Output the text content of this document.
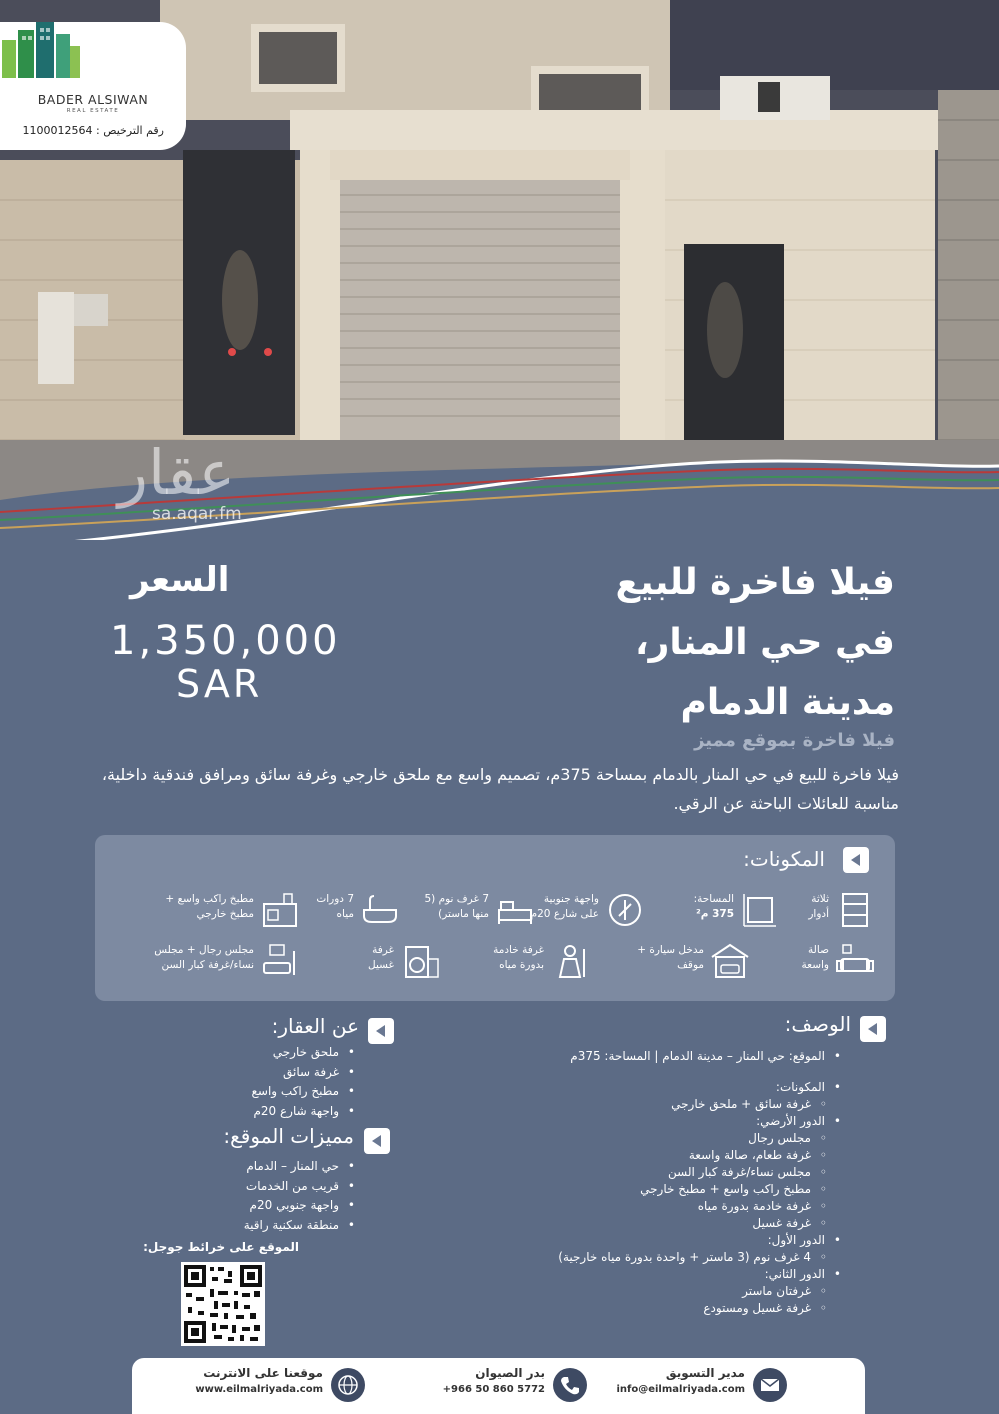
BADER ALSIWAN
REAL ESTATE
رقم الترخيص : 1100012564
عقار
sa.aqar.fm
فيلا فاخرة للبيع
في حي المنار،
مدينة الدمام
السعر
1,350,000
SAR
فيلا فاخرة بموقع مميز
فيلا فاخرة للبيع في حي المنار بالدمام بمساحة 375م، تصميم واسع مع ملحق خارجي وغرفة سائق ومرافق فندقية داخلية، مناسبة للعائلات الباحثة عن الرقي.
المكونات:
ثلاثة
أدوار
المساحة:
375 م²
واجهة جنوبية
على شارع 20م
7 غرف نوم (5
منها ماستر)
7 دورات
مياه
مطبخ راكب واسع +
مطبخ خارجي
صالة
واسعة
مدخل سيارة +
موقف
غرفة خادمة
بدورة مياه
غرفة
غسيل
مجلس رجال + مجلس
نساء/غرفة كبار السن
الوصف:
• الموقع: حي المنار – مدينة الدمام | المساحة: 375م
• المكونات:
◦ غرفة سائق + ملحق خارجي
• الدور الأرضي:
◦ مجلس رجال
◦ غرفة طعام، صالة واسعة
◦ مجلس نساء/غرفة كبار السن
◦ مطبخ راكب واسع + مطبخ خارجي
◦ غرفة خادمة بدورة مياه
◦ غرفة غسيل
• الدور الأول:
◦ 4 غرف نوم (3 ماستر + واحدة بدورة مياه خارجية)
• الدور الثاني:
◦ غرفتان ماستر
◦ غرفة غسيل ومستودع
عن العقار:
• ملحق خارجي
• غرفة سائق
• مطبخ راكب واسع
• واجهة شارع 20م
مميزات الموقع:
• حي المنار – الدمام
• قريب من الخدمات
• واجهة جنوبي 20م
• منطقة سكنية راقية
الموقع على خرائط جوجل:
مدير التسويق
info@eilmalriyada.com
بدر الصيوان
+966 50 860 5772
موقعنا على الانترنت
www.eilmalriyada.com
